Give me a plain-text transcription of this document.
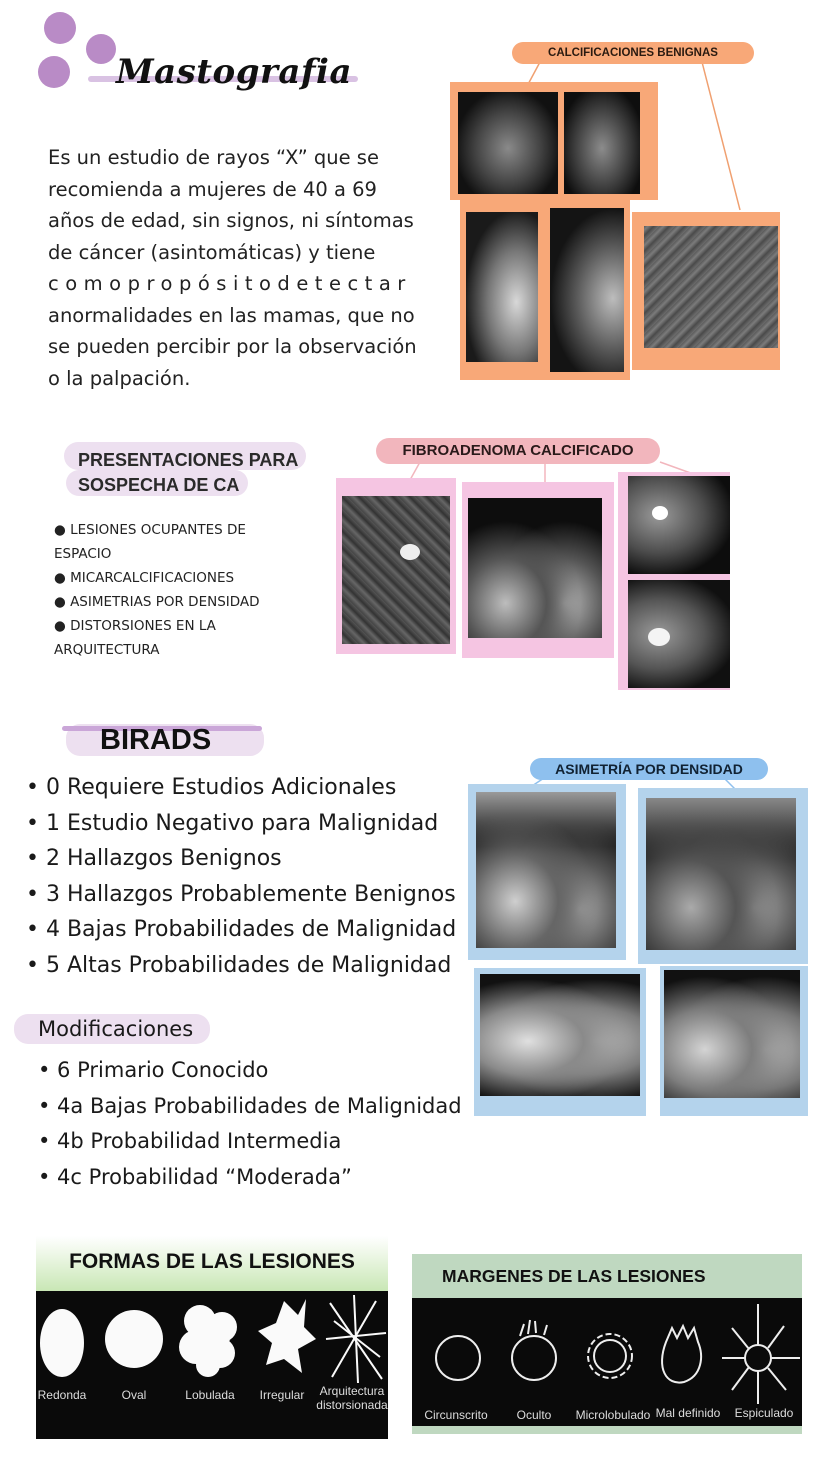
Mastografia
Es un estudio de rayos “X” que se
recomienda a mujeres de 40 a 69
años de edad, sin signos, ni síntomas
de cáncer (asintomáticas) y tiene
comopropósitodetectar
anormalidades en las mamas, que no
se pueden percibir por la observación
o la palpación.
CALCIFICACIONES BENIGNAS
PRESENTACIONES PARA
SOSPECHA DE CA
● LESIONES OCUPANTES DE
ESPACIO
● MICARCALCIFICACIONES
● ASIMETRIAS POR DENSIDAD
● DISTORSIONES EN LA
ARQUITECTURA
FIBROADENOMA CALCIFICADO
BIRADS
• 0 Requiere Estudios Adicionales
• 1 Estudio Negativo para Malignidad
• 2 Hallazgos Benignos
• 3 Hallazgos Probablemente Benignos
• 4 Bajas Probabilidades de Malignidad
• 5 Altas Probabilidades de Malignidad
ASIMETRÍA POR DENSIDAD
Modificaciones
• 6 Primario Conocido
• 4a Bajas Probabilidades de Malignidad
• 4b Probabilidad Intermedia
• 4c Probabilidad “Moderada”
FORMAS DE LAS LESIONES
Redonda	Oval	Lobulada	Irregular	Arquitectura distorsionada
MARGENES DE LAS LESIONES
Circunscrito	Oculto	Microlobulado Mal definido	Espiculado
